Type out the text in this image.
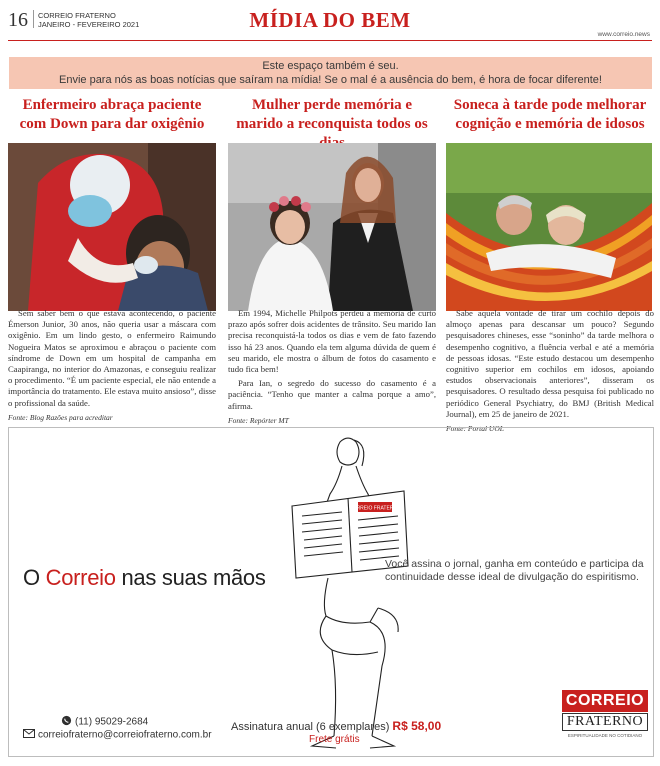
16 CORREIO FRATERNO
JANEIRO - FEVEREIRO 2021	MÍDIA DO BEM
www.correio.news
Este espaço também é seu.
Envie para nós as boas notícias que saíram na mídia! Se o mal é a ausência do bem, é hora de focar diferente!
Enfermeiro abraça paciente com Down para dar oxigênio

Sem saber bem o que estava acontecendo, o paciente Émerson Junior, 30 anos, não queria usar a máscara com oxigênio. Em um lindo gesto, o enfermeiro Raimundo Nogueira Matos se aproximou e abraçou o paciente com síndrome de Down em um hospital de campanha em Caapiranga, no interior do Amazonas, e conseguiu realizar o procedimento. “É um paciente especial, ele não entende a importância do tratamento. Ele estava muito ansioso”, disse o profissional da saúde.

Fonte: Blog Razões para acreditar

Mulher perde memória e marido a reconquista todos os

Em 1994, Michelle Philpots perdeu a memória de curto prazo após sofrer dois acidentes de trânsito. Seu marido Ian precisa reconquistá-la todos os dias e vem de fato fazendo isso há 23 anos. Quando ela tem alguma dúvida de quem é seu marido, ele mostra o álbum de fotos do casamento e tudo fica bem!

Para Ian, o segredo do sucesso do casamento é a paciência. “Tenho que manter a calma porque a amo”, afirma.

Fonte: Repórter MT

Soneca à tarde pode melhorar cognição e memória de idosos

Sabe aquela vontade de tirar um cochilo depois do almoço apenas para descansar um pouco? Segundo pesquisadores chineses, esse “soninho” da tarde melhora o desempenho cognitivo, a fluência verbal e até a memória de pessoas idosas. “Este estudo destacou um desempenho cognitivo superior em cochilos em idosos, apoiando estudos observacionais anteriores”, disseram os pesquisadores. O resultado dessa pesquisa foi publicado no periódico General Psychiatry, do BMJ (British Medical Journal), em 25 de janeiro de 2021.

Fonte: Portal UOL

CORREIO FRATERNO
O Correio nas suas mãos
Você assina o jornal, ganha em conteúdo e participa da continuidade desse ideal de divulgação do espiritismo.
(11) 95029-2684
correiofraterno@correiofraterno.com.br
Assinatura anual (6 exemplares) R$ 58,00
Frete grátis
CORREIO
FRATERNO
ESPIRITUALIDADE NO COTIDIANO
